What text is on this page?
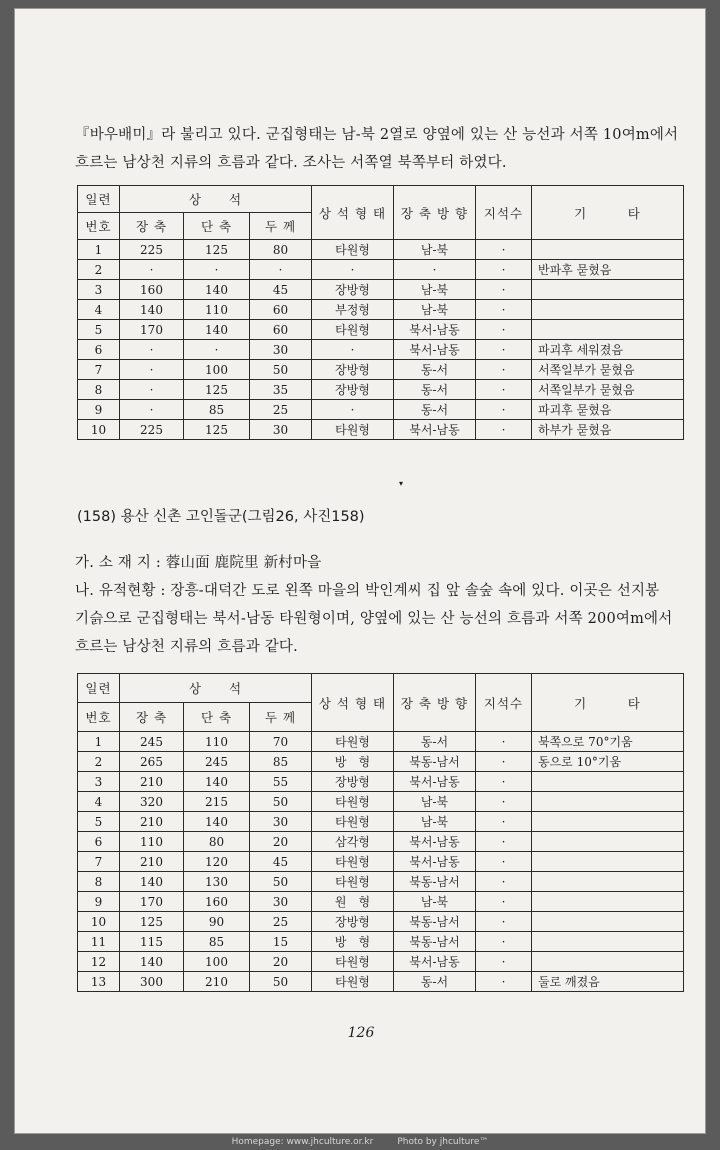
『바우배미』라 불리고 있다. 군집형태는 남-북 2열로 양옆에 있는 산 능선과 서쪽 10여m에서
흐르는 남상천 지류의 흐름과 같다. 조사는 서쪽열 북쪽부터 하였다.
일련	상　　석			상 석 형 태	장 축 방 향	지석수	기　　　타
번호	장 축	단 축	두 께				
1	225	125	80	타원형	남-북	·	
2	·	·	·	·	·	·	반파후 묻혔음
3	160	140	45	장방형	남-북	·	
4	140	110	60	부정형	남-북	·	
5	170	140	60	타원형	북서-남동	·	
6	·	·	30	·	북서-남동	·	파괴후 세워졌음
7	·	100	50	장방형	동-서	·	서쪽일부가 묻혔음
8	·	125	35	장방형	동-서	·	서쪽일부가 묻혔음
9	·	85	25	·	동-서	·	파괴후 묻혔음
10	225	125	30	타원형	북서-남동	·	하부가 묻혔음
▾
(158) 용산 신촌 고인돌군(그림26, 사진158)
가. 소 재 지 : 蓉山面 鹿院里 新村마을
나. 유적현황 : 장흥-대덕간 도로 왼쪽 마을의 박인계씨 집 앞 솔숲 속에 있다. 이곳은 선지봉
기슭으로 군집형태는 북서-남동 타원형이며, 양옆에 있는 산 능선의 흐름과 서쪽 200여m에서
흐르는 남상천 지류의 흐름과 같다.
일련	상　　석			상 석 형 태	장 축 방 향	지석수	기　　　타
번호	장 축	단 축	두 께				
1	245	110	70	타원형	동-서	·	북쪽으로 70°기움
2	265	245	85	방　형	북동-남서	·	동으로 10°기움
3	210	140	55	장방형	북서-남동	·	
4	320	215	50	타원형	남-북	·	
5	210	140	30	타원형	남-북	·	
6	110	80	20	삼각형	북서-남동	·	
7	210	120	45	타원형	북서-남동	·	
8	140	130	50	타원형	북동-남서	·	
9	170	160	30	원　형	남-북	·	
10	125	90	25	장방형	북동-남서	·	
11	115	85	15	방　형	북동-남서	·	
12	140	100	20	타원형	북서-남동	·	
13	300	210	50	타원형	동-서	·	둘로 깨졌음
126
Homepage: www.jhculture.or.kr	Photo by jhculture™
